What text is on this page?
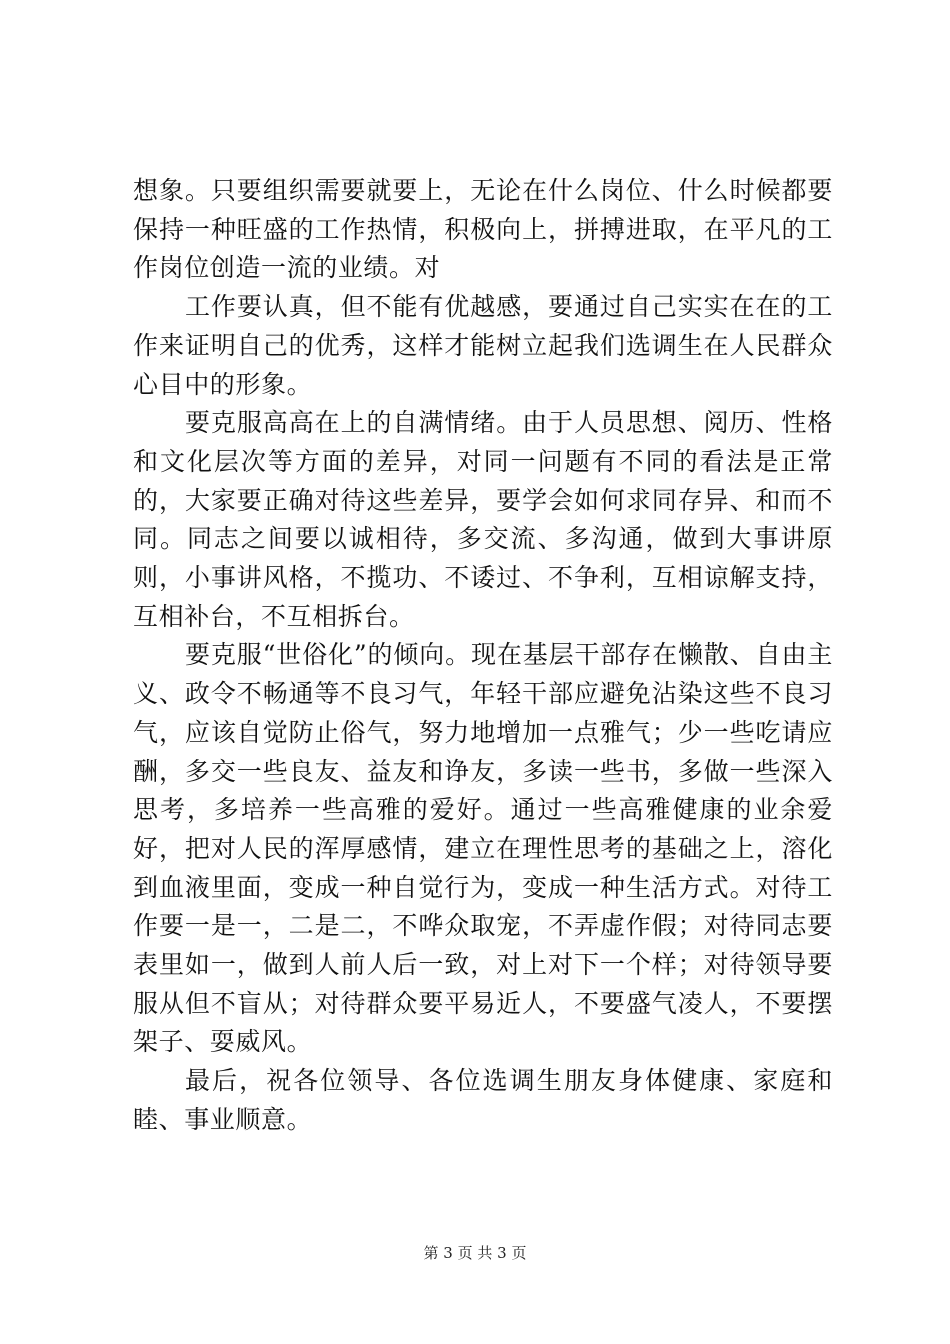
想象。只要组织需要就要上，无论在什么岗位、什么时候都要保持一种旺盛的工作热情，积极向上，拼搏进取，在平凡的工作岗位创造一流的业绩。对

工作要认真，但不能有优越感，要通过自己实实在在的工作来证明自己的优秀，这样才能树立起我们选调生在人民群众心目中的形象。

要克服高高在上的自满情绪。由于人员思想、阅历、性格和文化层次等方面的差异，对同一问题有不同的看法是正常的，大家要正确对待这些差异，要学会如何求同存异、和而不同。同志之间要以诚相待，多交流、多沟通，做到大事讲原则，小事讲风格，不揽功、不诿过、不争利，互相谅解支持，互相补台，不互相拆台。

要克服“世俗化”的倾向。现在基层干部存在懒散、自由主义、政令不畅通等不良习气，年轻干部应避免沾染这些不良习气，应该自觉防止俗气，努力地增加一点雅气；少一些吃请应酬，多交一些良友、益友和诤友，多读一些书，多做一些深入思考，多培养一些高雅的爱好。通过一些高雅健康的业余爱好，把对人民的浑厚感情，建立在理性思考的基础之上，溶化到血液里面，变成一种自觉行为，变成一种生活方式。对待工作要一是一，二是二，不哗众取宠，不弄虚作假；对待同志要表里如一，做到人前人后一致，对上对下一个样；对待领导要服从但不盲从；对待群众要平易近人，不要盛气凌人，不要摆架子、耍威风。

最后，祝各位领导、各位选调生朋友身体健康、家庭和睦、事业顺意。

第 3 页 共 3 页
